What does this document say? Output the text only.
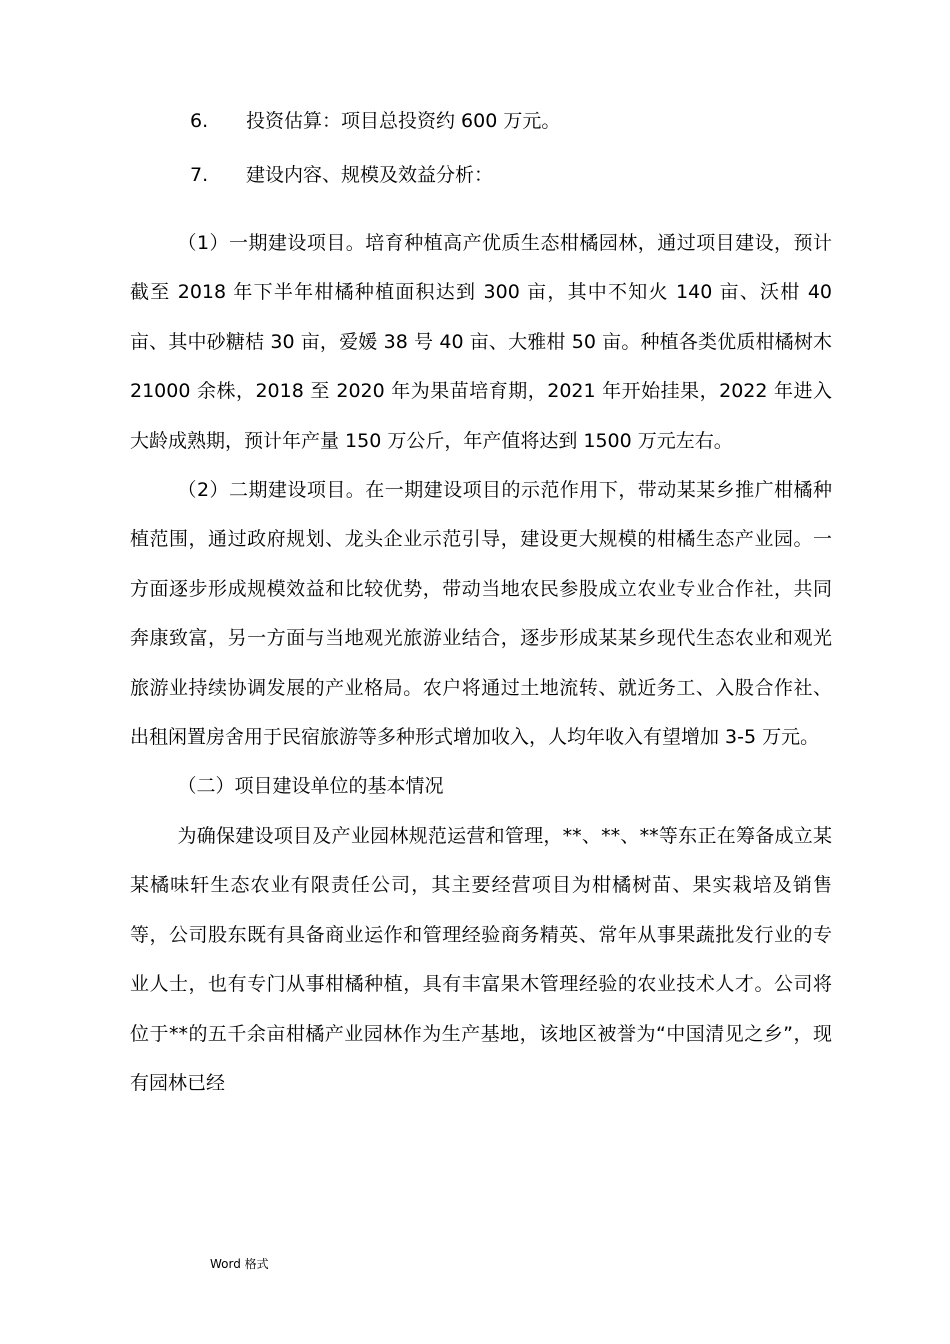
6. 投资估算：项目总投资约 600 万元。
7. 建设内容、规模及效益分析：

（1）一期建设项目。培育种植高产优质生态柑橘园林，通过项目建设，预计截至 2018 年下半年柑橘种植面积达到 300 亩，其中不知火 140 亩、沃柑 40 亩、其中砂糖桔 30 亩，爱媛 38 号 40 亩、大雅柑 50 亩。种植各类优质柑橘树木 21000 余株，2018 至 2020 年为果苗培育期，2021 年开始挂果，2022 年进入大龄成熟期，预计年产量 150 万公斤，年产值将达到 1500 万元左右。

（2）二期建设项目。在一期建设项目的示范作用下，带动某某乡推广柑橘种植范围，通过政府规划、龙头企业示范引导，建设更大规模的柑橘生态产业园。一方面逐步形成规模效益和比较优势，带动当地农民参股成立农业专业合作社，共同奔康致富，另一方面与当地观光旅游业结合，逐步形成某某乡现代生态农业和观光旅游业持续协调发展的产业格局。农户将通过土地流转、就近务工、入股合作社、出租闲置房舍用于民宿旅游等多种形式增加收入，人均年收入有望增加 3-5 万元。

（二）项目建设单位的基本情况

为确保建设项目及产业园林规范运营和管理，**、**、**等东正在筹备成立某某橘味轩生态农业有限责任公司，其主要经营项目为柑橘树苗、果实栽培及销售等，公司股东既有具备商业运作和管理经验商务精英、常年从事果蔬批发行业的专业人士，也有专门从事柑橘种植，具有丰富果木管理经验的农业技术人才。公司将位于**的五千余亩柑橘产业园林作为生产基地，该地区被誉为“中国清见之乡”，现有园林已经

Word 格式
